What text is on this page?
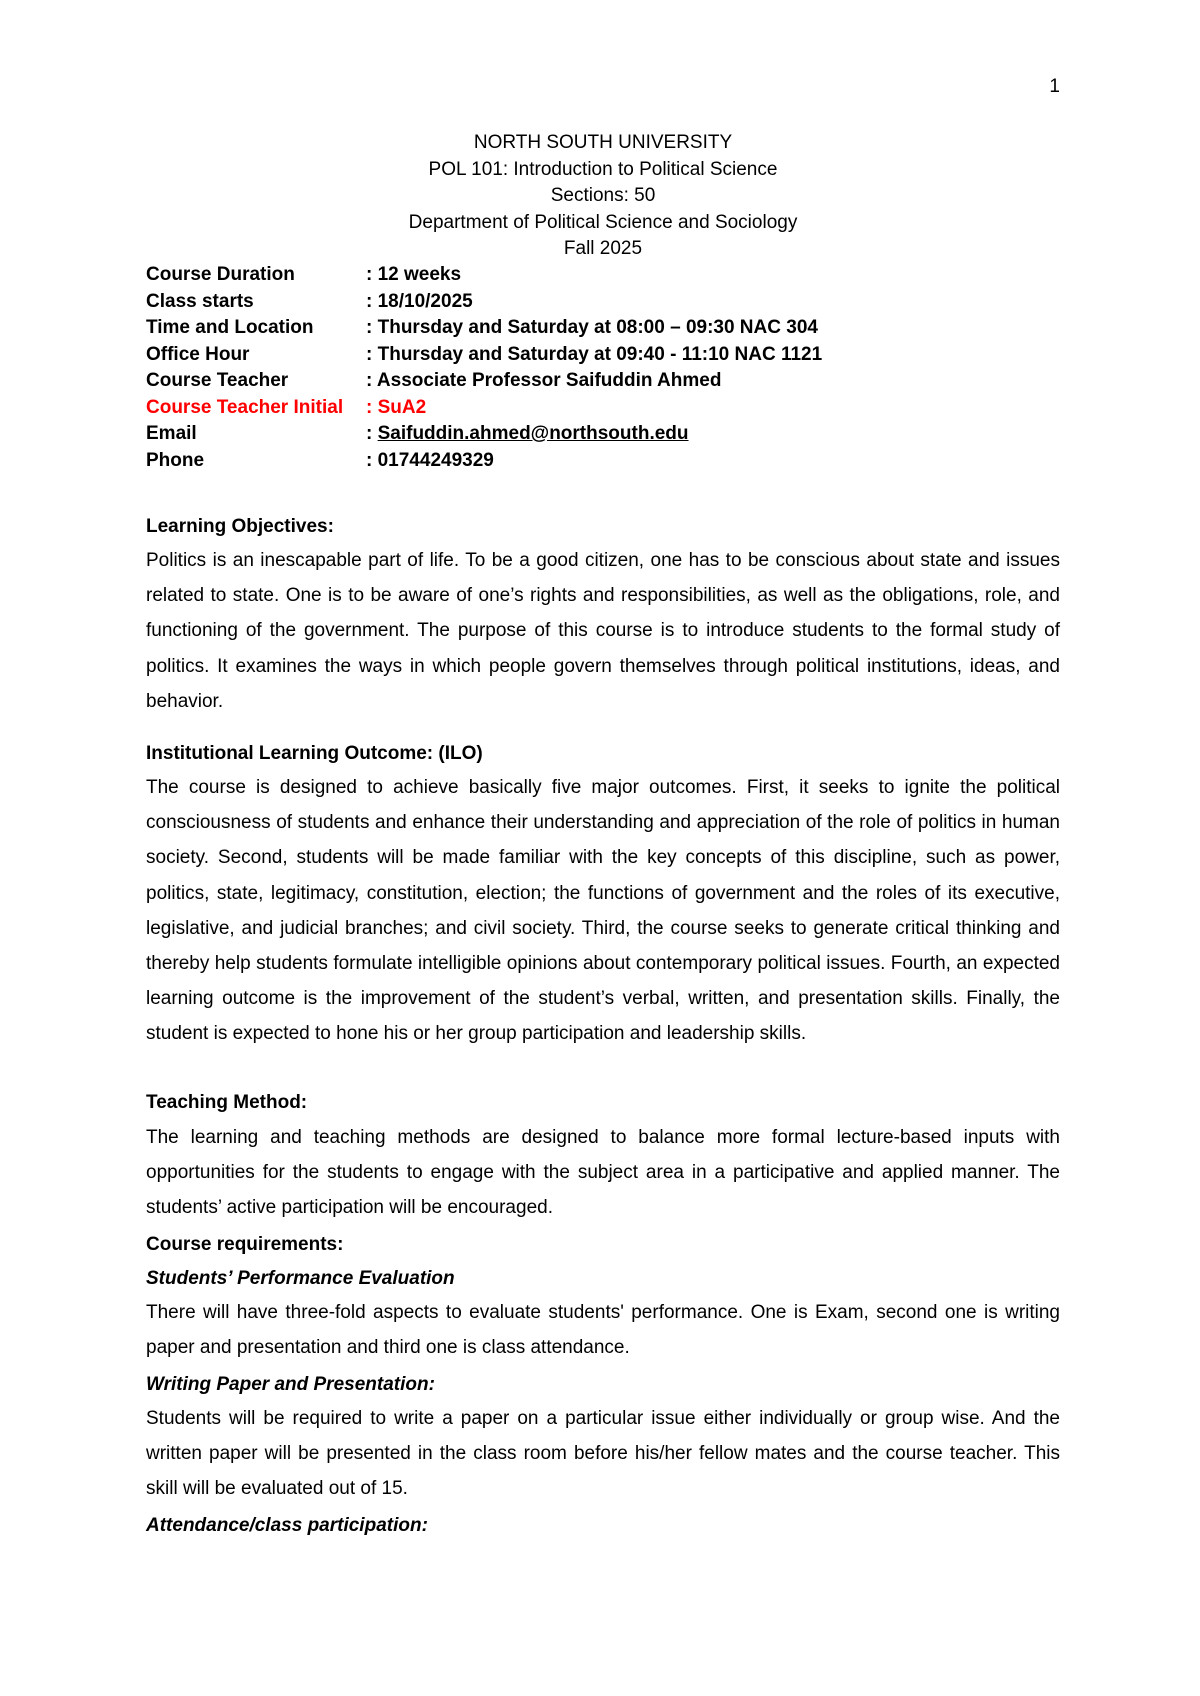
1
NORTH SOUTH UNIVERSITY
POL 101: Introduction to Political Science
Sections: 50
Department of Political Science and Sociology
Fall 2025
Course Duration	: 12 weeks
Class starts	: 18/10/2025
Time and Location	: Thursday and Saturday at 08:00 – 09:30 NAC 304
Office Hour	: Thursday and Saturday at 09:40 - 11:10 NAC 1121
Course Teacher	: Associate Professor Saifuddin Ahmed
Course Teacher Initial	: SuA2
Email	: Saifuddin.ahmed@northsouth.edu
Phone	: 01744249329
Learning Objectives:

Politics is an inescapable part of life. To be a good citizen, one has to be conscious about state and issues related to state. One is to be aware of one’s rights and responsibilities, as well as the obligations, role, and functioning of the government. The purpose of this course is to introduce students to the formal study of politics. It examines the ways in which people govern themselves through political institutions, ideas, and behavior.

Institutional Learning Outcome: (ILO)

The course is designed to achieve basically five major outcomes. First, it seeks to ignite the political consciousness of students and enhance their understanding and appreciation of the role of politics in human society. Second, students will be made familiar with the key concepts of this discipline, such as power, politics, state, legitimacy, constitution, election; the functions of government and the roles of its executive, legislative, and judicial branches; and civil society. Third, the course seeks to generate critical thinking and thereby help students formulate intelligible opinions about contemporary political issues. Fourth, an expected learning outcome is the improvement of the student’s verbal, written, and presentation skills. Finally, the student is expected to hone his or her group participation and leadership skills.

Teaching Method:

The learning and teaching methods are designed to balance more formal lecture-based inputs with opportunities for the students to engage with the subject area in a participative and applied manner. The students’ active participation will be encouraged.

Course requirements:
Students’ Performance Evaluation

There will have three-fold aspects to evaluate students' performance. One is Exam, second one is writing paper and presentation and third one is class attendance.

Writing Paper and Presentation:

Students will be required to write a paper on a particular issue either individually or group wise. And the written paper will be presented in the class room before his/her fellow mates and the course teacher. This skill will be evaluated out of 15.

Attendance/class participation:
